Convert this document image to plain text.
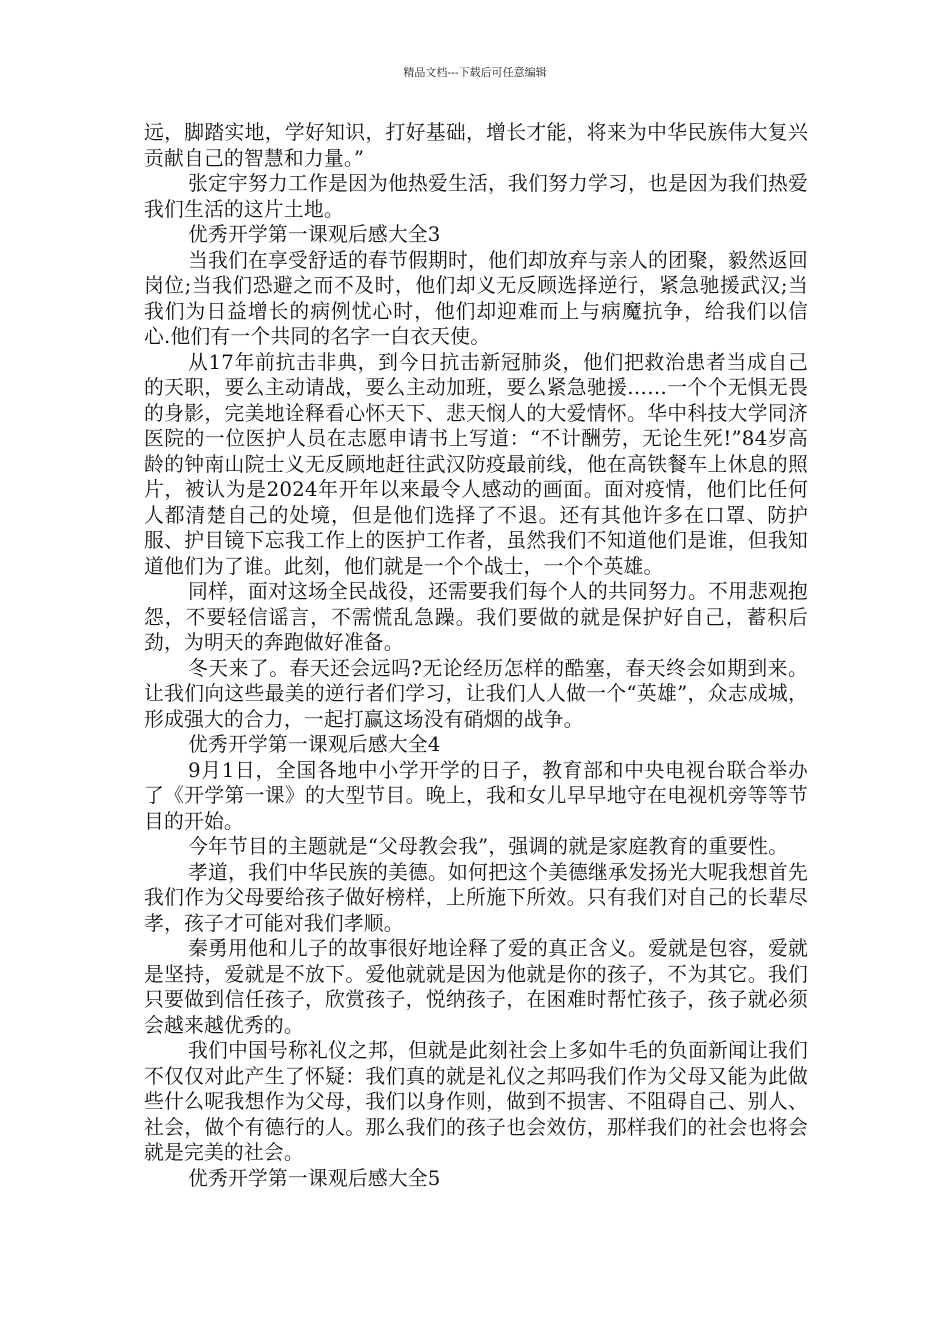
精品文档---下载后可任意编辑

远，脚踏实地，学好知识，打好基础，增长才能，将来为中华民族伟大复兴贡献自己的智慧和力量。”

张定宇努力工作是因为他热爱生活，我们努力学习，也是因为我们热爱我们生活的这片土地。

优秀开学第一课观后感大全3

当我们在享受舒适的春节假期时，他们却放弃与亲人的团聚，毅然返回岗位;当我们恐避之而不及时，他们却义无反顾选择逆行，紧急驰援武汉;当我们为日益增长的病例忧心时，他们却迎难而上与病魔抗争，给我们以信心.他们有一个共同的名字一白衣天使。

从17年前抗击非典，到今日抗击新冠肺炎，他们把救治患者当成自己的天职，要么主动请战，要么主动加班，要么紧急驰援……一个个无惧无畏的身影，完美地诠释看心怀天下、悲天悯人的大爱情怀。华中科技大学同济医院的一位医护人员在志愿申请书上写道：“不计酬劳，无论生死!”84岁高龄的钟南山院士义无反顾地赶往武汉防疫最前线，他在高铁餐车上休息的照片，被认为是2024年开年以来最令人感动的画面。面对疫情，他们比任何人都清楚自己的处境，但是他们选择了不退。还有其他许多在口罩、防护服、护目镜下忘我工作上的医护工作者，虽然我们不知道他们是谁，但我知道他们为了谁。此刻，他们就是一个个战士，一个个英雄。

同样，面对这场全民战役，还需要我们每个人的共同努力。不用悲观抱怨，不要轻信谣言，不需慌乱急躁。我们要做的就是保护好自己，蓄积后劲，为明天的奔跑做好准备。

冬天来了。春天还会远吗?无论经历怎样的酷塞，春天终会如期到来。让我们向这些最美的逆行者们学习，让我们人人做一个“英雄”，众志成城，形成强大的合力，一起打赢这场没有硝烟的战争。

优秀开学第一课观后感大全4

9月1日，全国各地中小学开学的日子，教育部和中央电视台联合举办了《开学第一课》的大型节目。晚上，我和女儿早早地守在电视机旁等等节目的开始。

今年节目的主题就是“父母教会我”，强调的就是家庭教育的重要性。

孝道，我们中华民族的美德。如何把这个美德继承发扬光大呢我想首先我们作为父母要给孩子做好榜样，上所施下所效。只有我们对自己的长辈尽孝，孩子才可能对我们孝顺。

秦勇用他和儿子的故事很好地诠释了爱的真正含义。爱就是包容，爱就是坚持，爱就是不放下。爱他就就是因为他就是你的孩子，不为其它。我们只要做到信任孩子，欣赏孩子，悦纳孩子，在困难时帮忙孩子，孩子就必须会越来越优秀的。

我们中国号称礼仪之邦，但就是此刻社会上多如牛毛的负面新闻让我们不仅仅对此产生了怀疑：我们真的就是礼仪之邦吗我们作为父母又能为此做些什么呢我想作为父母，我们以身作则，做到不损害、不阻碍自己、别人、社会，做个有德行的人。那么我们的孩子也会效仿，那样我们的社会也将会就是完美的社会。

优秀开学第一课观后感大全5
